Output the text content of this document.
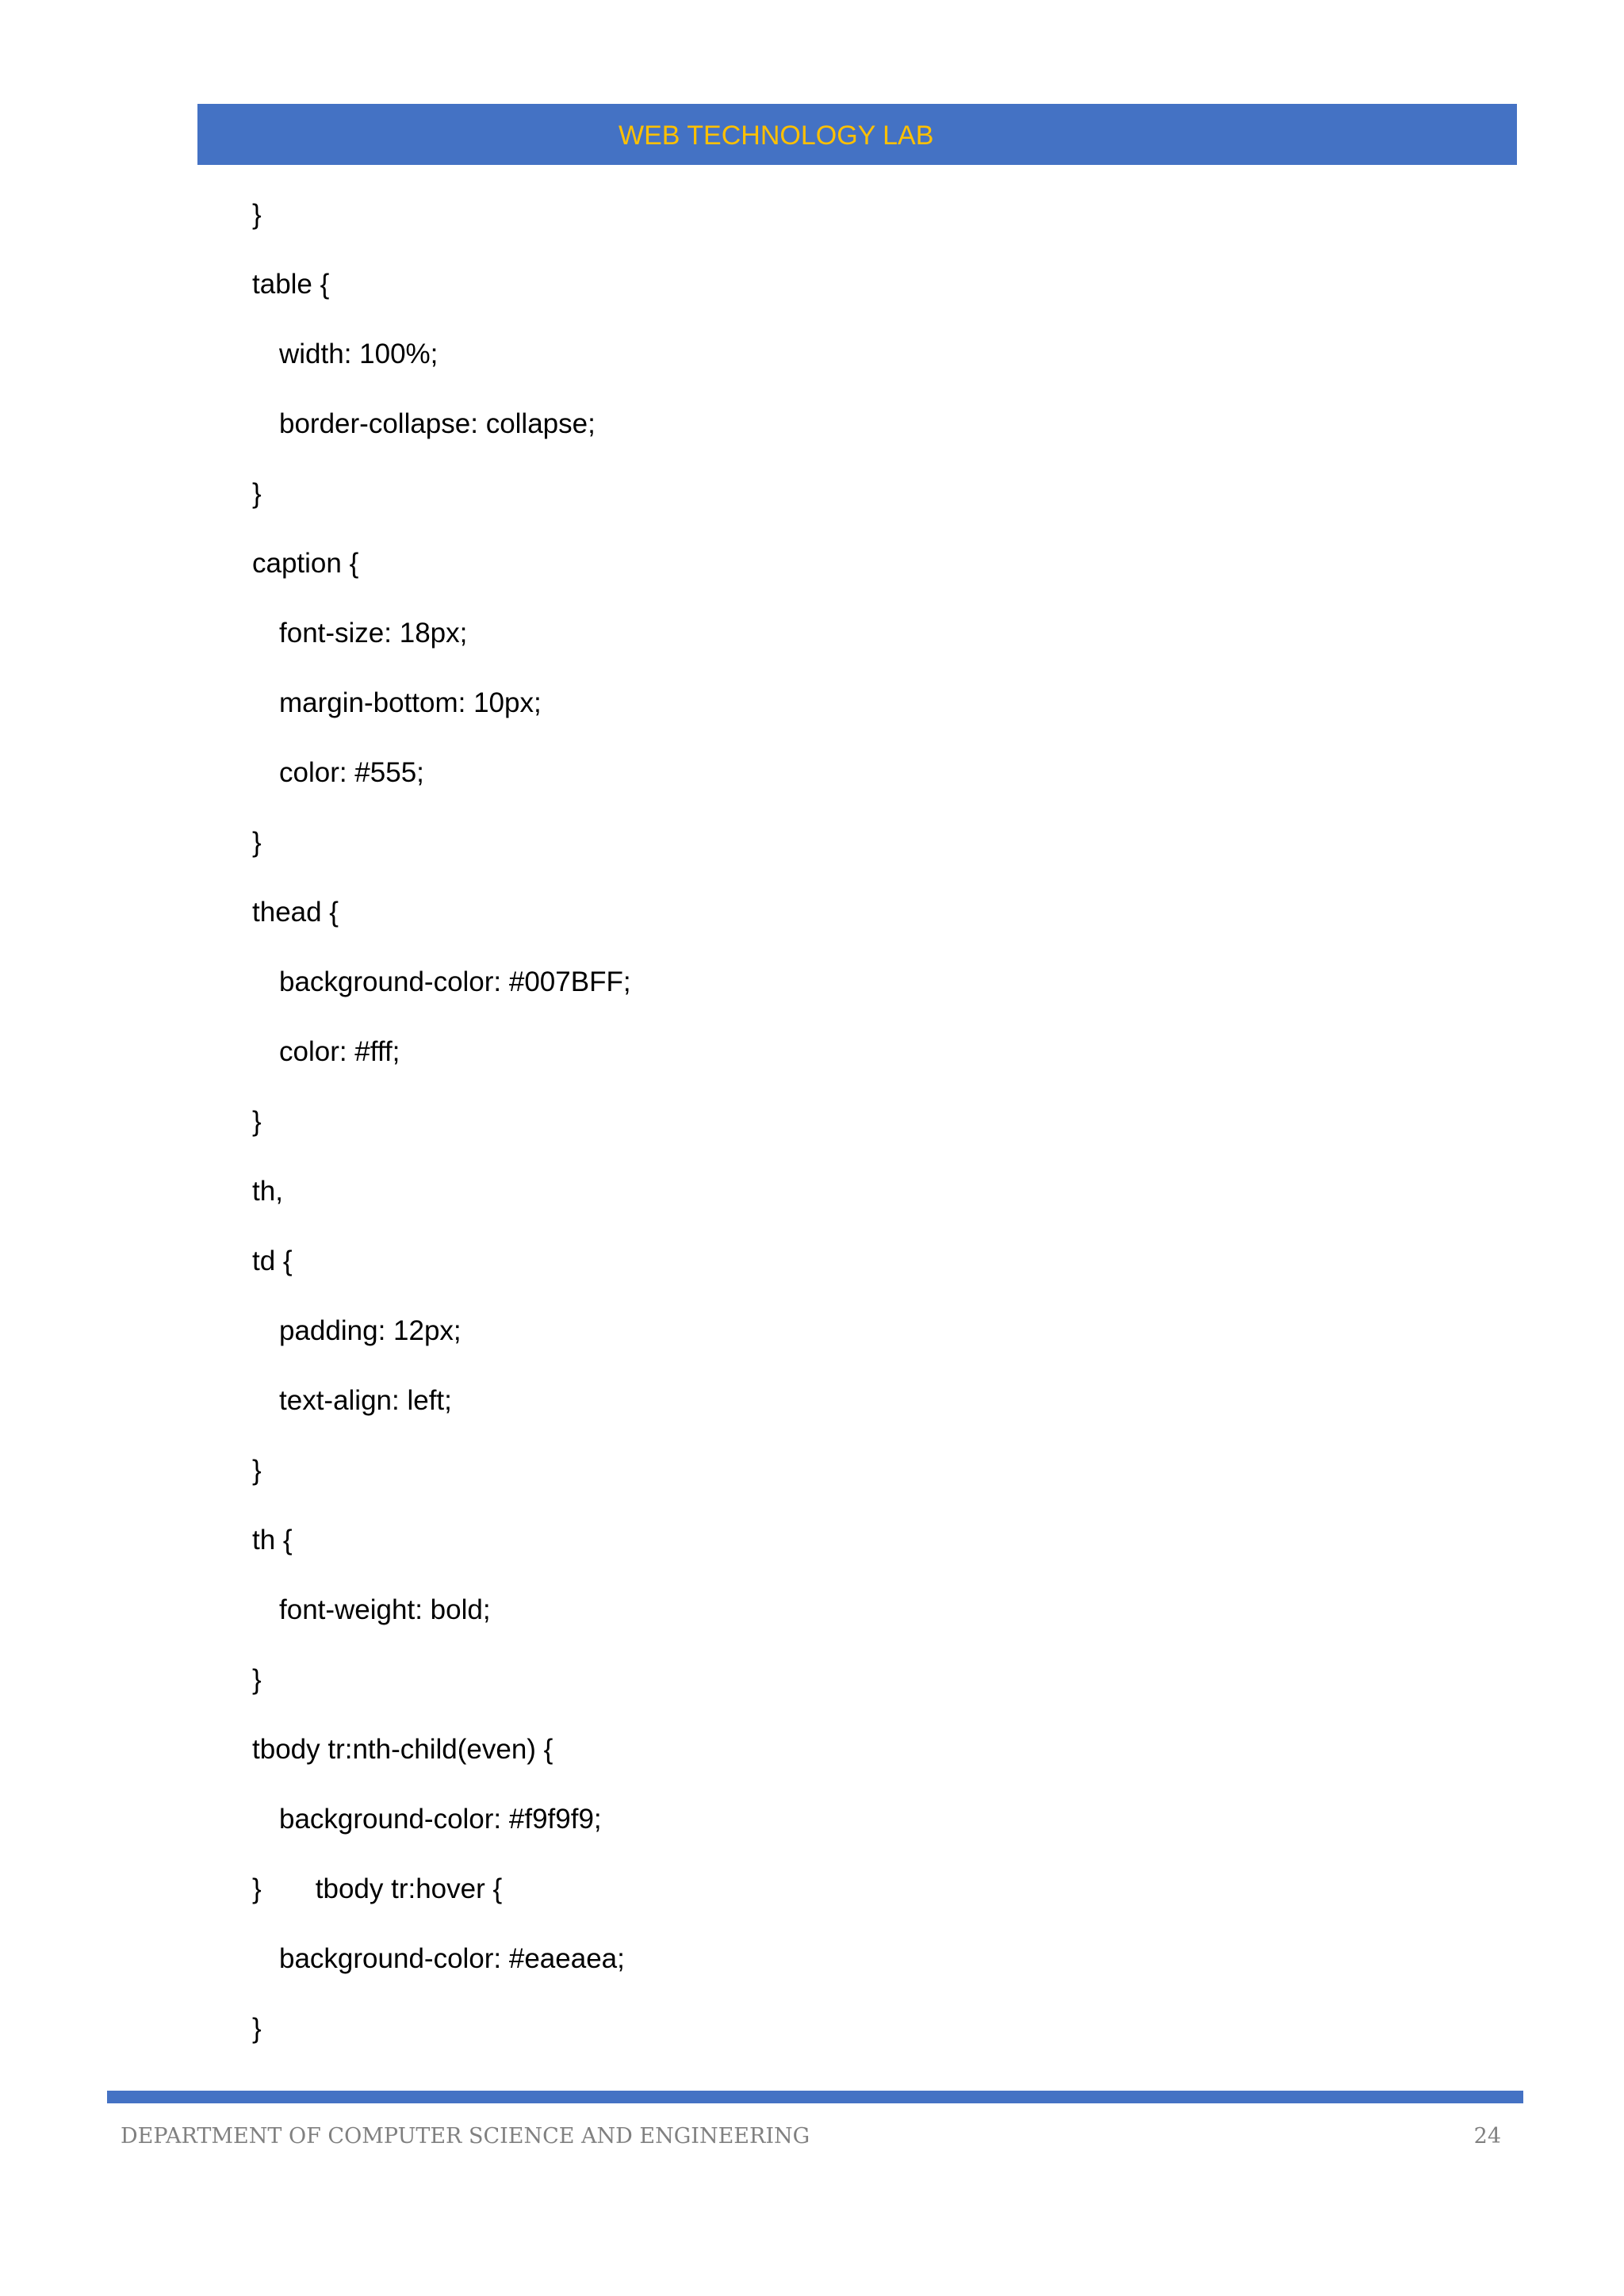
WEB TECHNOLOGY LAB
}
table {
width: 100%;
border-collapse: collapse;
}
caption {
font-size: 18px;
margin-bottom: 10px;
color: #555;
}
thead {
background-color: #007BFF;
color: #fff;
}
th,
td {
padding: 12px;
text-align: left;
}
th {
font-weight: bold;
}
tbody tr:nth-child(even) {
background-color: #f9f9f9;
}       tbody tr:hover {
background-color: #eaeaea;
}
DEPARTMENT OF COMPUTER SCIENCE AND ENGINEERING	24
